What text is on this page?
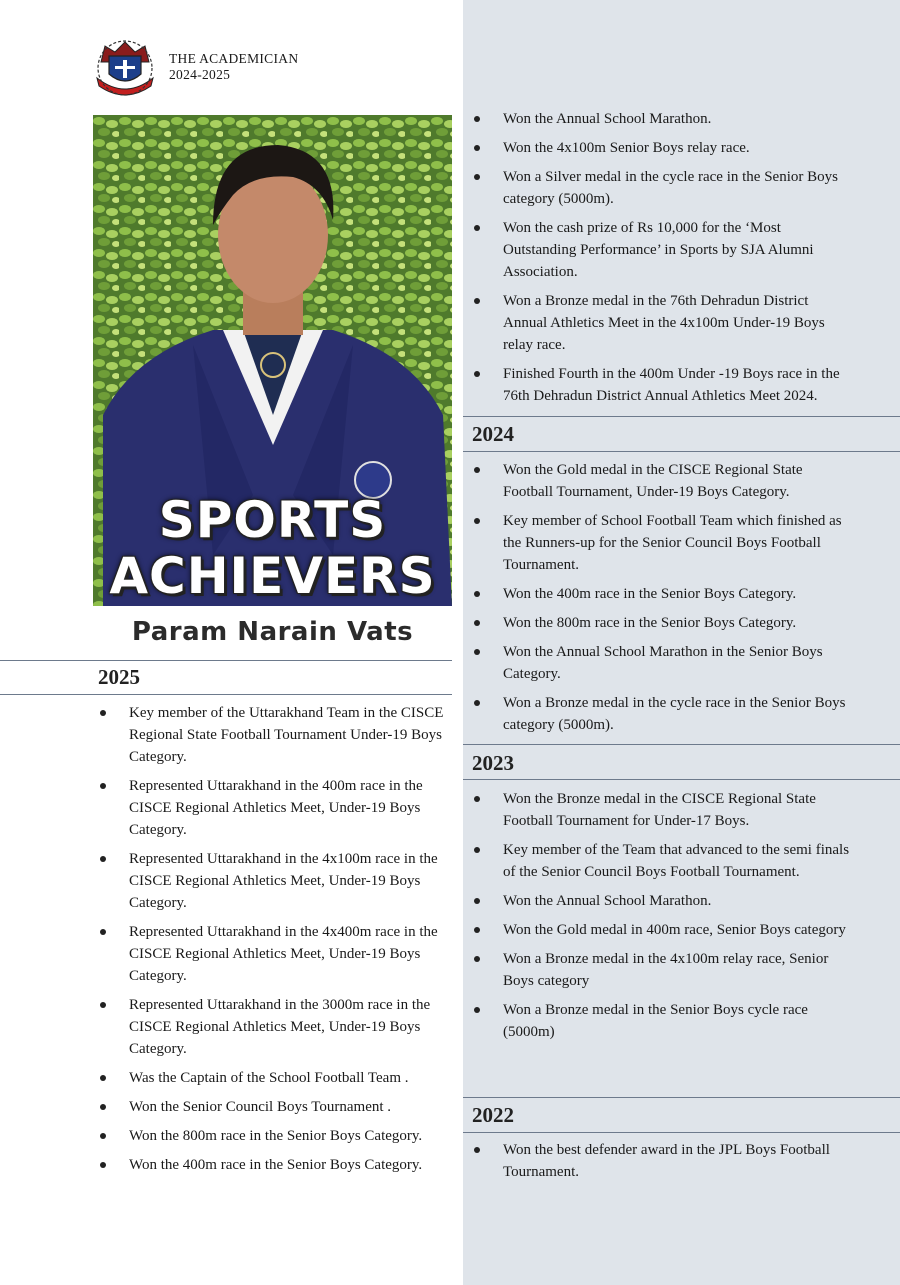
THE ACADEMICIAN
2024-2025
SPORTS
ACHIEVERS
Param Narain Vats
2025
Key member of the Uttarakhand Team in the CISCE Regional State Football Tournament Under-19 Boys Category.
Represented Uttarakhand in the 400m race in the CISCE Regional Athletics Meet, Under-19 Boys Category.
Represented Uttarakhand in the 4x100m race in the CISCE Regional Athletics Meet, Under-19 Boys Category.
Represented Uttarakhand in the 4x400m race in the CISCE Regional Athletics Meet, Under-19 Boys Category.
Represented Uttarakhand in the 3000m race in the CISCE Regional Athletics Meet, Under-19 Boys Category.
Was the Captain of the School Football Team .
Won the Senior Council Boys Tournament .
Won the 800m race in the Senior Boys Category.
Won the 400m race in the Senior Boys Category.
Won the Annual School Marathon.
Won the 4x100m Senior Boys relay race.
Won a Silver medal in the cycle race in the Senior Boys category (5000m).
Won the cash prize of Rs 10,000 for the ‘Most Outstanding Performance’ in Sports by SJA Alumni Association.
Won a Bronze medal in the 76th Dehradun District Annual Athletics Meet in the 4x100m Under-19 Boys relay race.
Finished Fourth in the 400m Under -19 Boys race in the 76th Dehradun District Annual Athletics Meet 2024.
2024
Won the Gold medal in the CISCE Regional State Football Tournament, Under-19 Boys Category.
Key member of School Football Team which finished as the Runners-up for the Senior Council Boys Football Tournament.
Won the 400m race in the Senior Boys Category.
Won the 800m race in the Senior Boys Category.
Won the Annual School Marathon in the Senior Boys Category.
Won a Bronze medal in the cycle race in the Senior Boys category (5000m).
2023
Won the Bronze medal in the CISCE Regional State Football Tournament for Under-17 Boys.
Key member of the Team that advanced to the semi finals of the Senior Council Boys Football Tournament.
Won the Annual School Marathon.
Won the Gold medal in 400m race, Senior Boys category
Won a Bronze medal in the 4x100m relay race, Senior Boys category
Won a Bronze medal in the Senior Boys cycle race (5000m)
2022
Won the best defender award in the JPL Boys Football Tournament.
